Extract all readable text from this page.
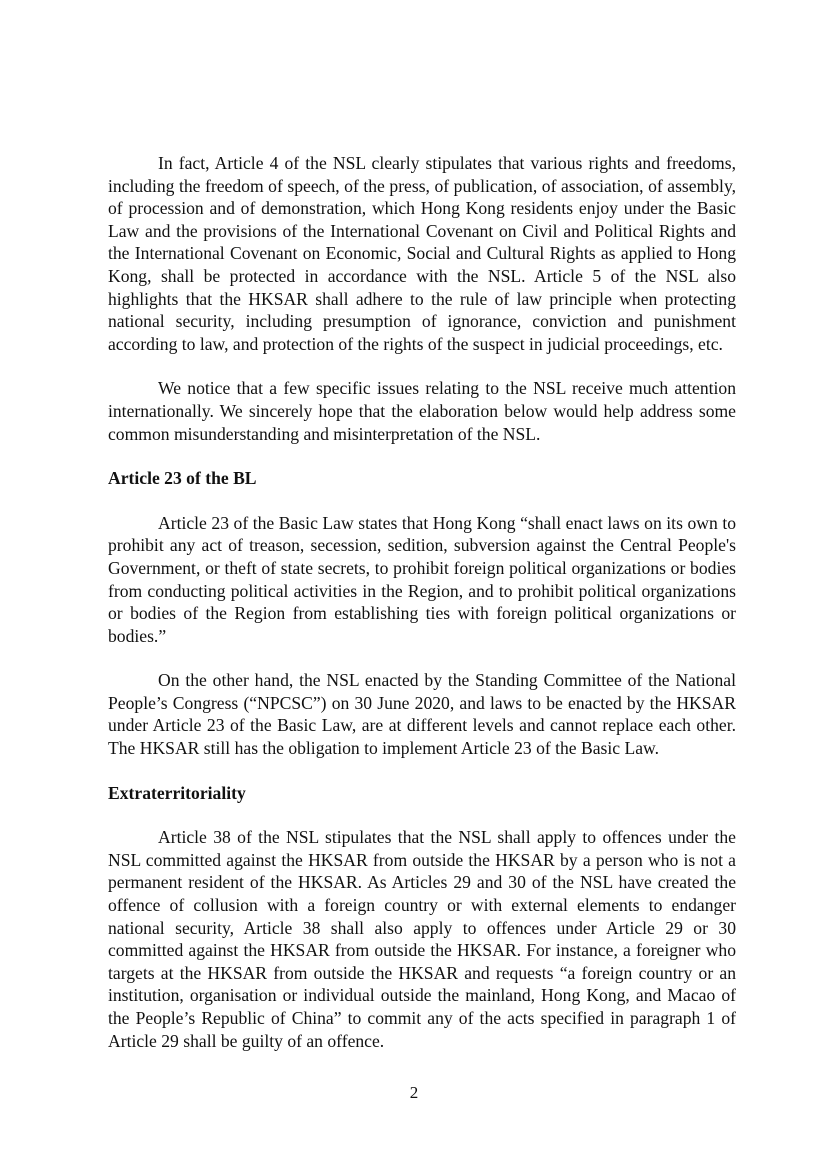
In fact, Article 4 of the NSL clearly stipulates that various rights and freedoms, including the freedom of speech, of the press, of publication, of association, of assembly, of procession and of demonstration, which Hong Kong residents enjoy under the Basic Law and the provisions of the International Covenant on Civil and Political Rights and the International Covenant on Economic, Social and Cultural Rights as applied to Hong Kong, shall be protected in accordance with the NSL. Article 5 of the NSL also highlights that the HKSAR shall adhere to the rule of law principle when protecting national security, including presumption of ignorance, conviction and punishment according to law, and protection of the rights of the suspect in judicial proceedings, etc.

We notice that a few specific issues relating to the NSL receive much attention internationally. We sincerely hope that the elaboration below would help address some common misunderstanding and misinterpretation of the NSL.

Article 23 of the BL

Article 23 of the Basic Law states that Hong Kong “shall enact laws on its own to prohibit any act of treason, secession, sedition, subversion against the Central People's Government, or theft of state secrets, to prohibit foreign political organizations or bodies from conducting political activities in the Region, and to prohibit political organizations or bodies of the Region from establishing ties with foreign political organizations or bodies.”

On the other hand, the NSL enacted by the Standing Committee of the National People’s Congress (“NPCSC”) on 30 June 2020, and laws to be enacted by the HKSAR under Article 23 of the Basic Law, are at different levels and cannot replace each other. The HKSAR still has the obligation to implement Article 23 of the Basic Law.

Extraterritoriality

Article 38 of the NSL stipulates that the NSL shall apply to offences under the NSL committed against the HKSAR from outside the HKSAR by a person who is not a permanent resident of the HKSAR. As Articles 29 and 30 of the NSL have created the offence of collusion with a foreign country or with external elements to endanger national security, Article 38 shall also apply to offences under Article 29 or 30 committed against the HKSAR from outside the HKSAR. For instance, a foreigner who targets at the HKSAR from outside the HKSAR and requests “a foreign country or an institution, organisation or individual outside the mainland, Hong Kong, and Macao of the People’s Republic of China” to commit any of the acts specified in paragraph 1 of Article 29 shall be guilty of an offence.

2
